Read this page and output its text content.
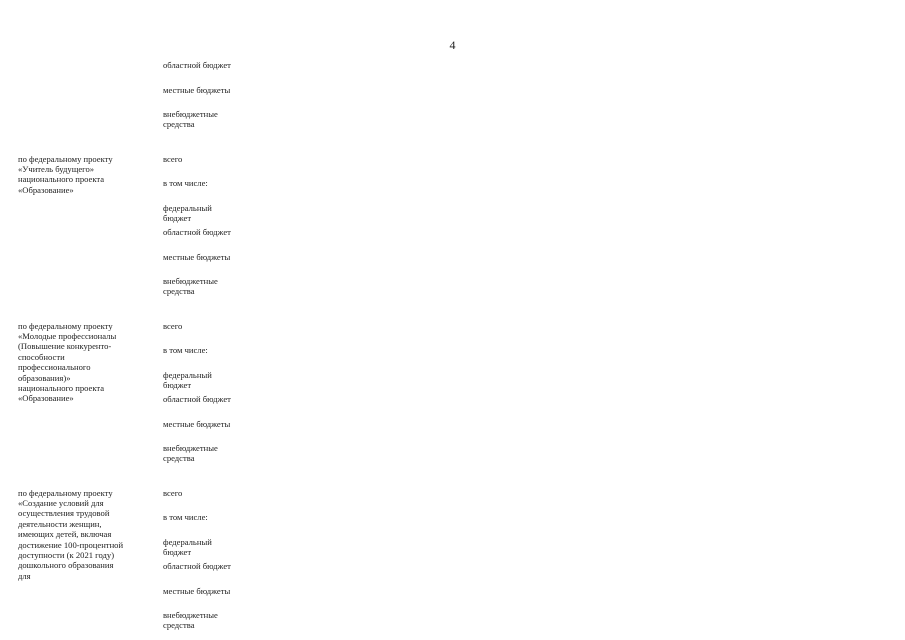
4
областной бюджет
местные бюджеты
внебюджетные средства
по федеральному проекту «Учитель будущего» национального проекта «Образование»
всего
в том числе:
федеральный бюджет
областной бюджет
местные бюджеты
внебюджетные средства
по федеральному проекту «Молодые профессионалы (Повышение конкуренто-способности профессионального образования)» национального проекта «Образование»
всего
в том числе:
федеральный бюджет
областной бюджет
местные бюджеты
внебюджетные средства
по федеральному проекту «Создание условий для осуществления трудовой деятельности женщин, имеющих детей, включая достижение 100-процентной доступности (к 2021 году) дошкольного образования для
всего
в том числе:
федеральный бюджет
областной бюджет
местные бюджеты
внебюджетные средства
